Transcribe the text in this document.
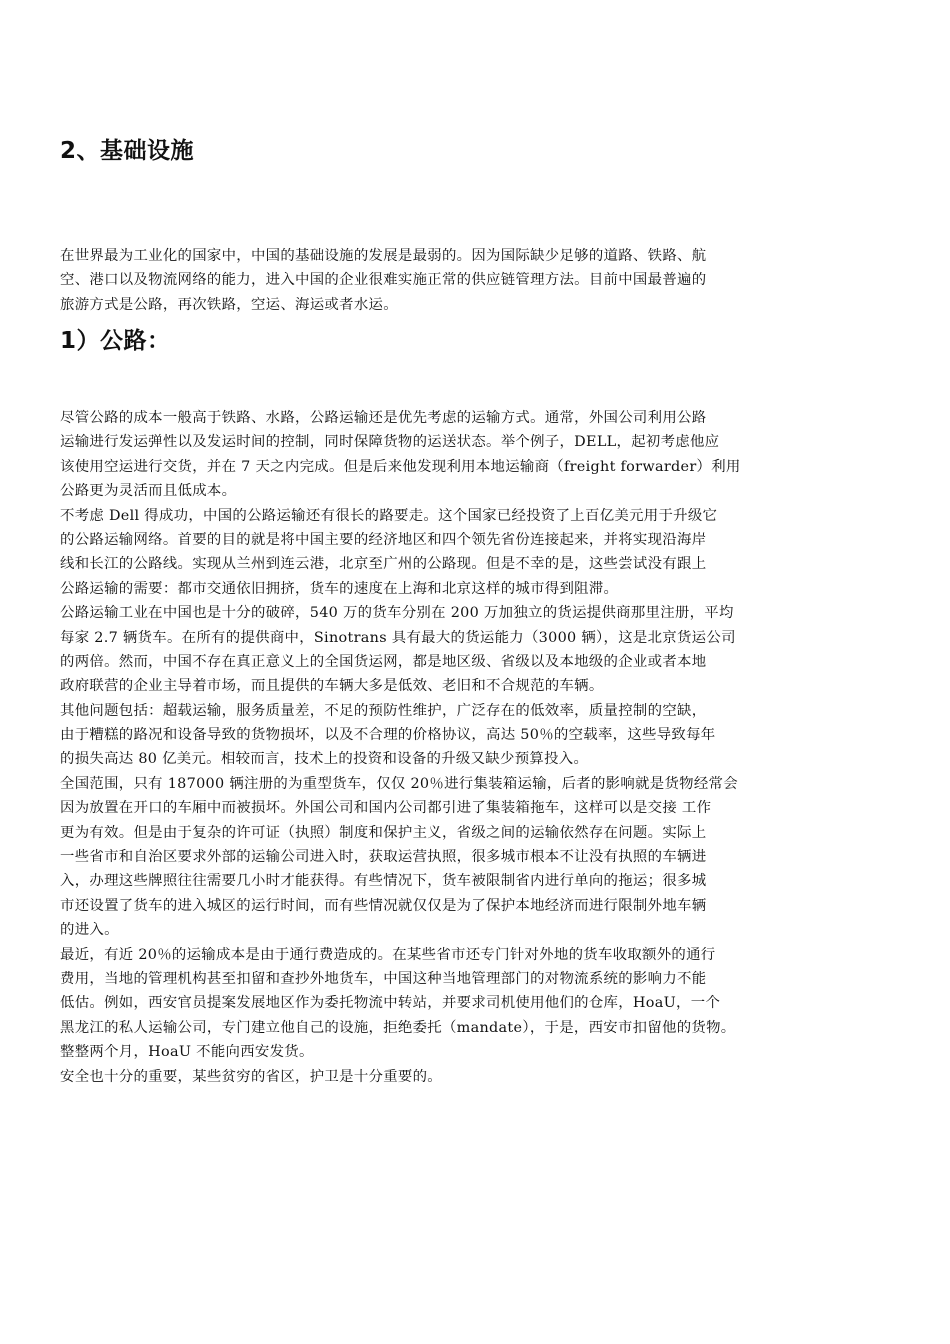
2、基础设施
在世界最为工业化的国家中，中国的基础设施的发展是最弱的。因为国际缺少足够的道路、铁路、航
空、港口以及物流网络的能力，进入中国的企业很难实施正常的供应链管理方法。目前中国最普遍的
旅游方式是公路，再次铁路，空运、海运或者水运。
1）公路：
尽管公路的成本一般高于铁路、水路，公路运输还是优先考虑的运输方式。通常，外国公司利用公路
运输进行发运弹性以及发运时间的控制，同时保障货物的运送状态。举个例子，DELL，起初考虑他应
该使用空运进行交货，并在 7 天之内完成。但是后来他发现利用本地运输商（freight forwarder）利用
公路更为灵活而且低成本。
不考虑 Dell 得成功，中国的公路运输还有很长的路要走。这个国家已经投资了上百亿美元用于升级它
的公路运输网络。首要的目的就是将中国主要的经济地区和四个领先省份连接起来，并将实现沿海岸
线和长江的公路线。实现从兰州到连云港，北京至广州的公路现。但是不幸的是，这些尝试没有跟上
公路运输的需要：都市交通依旧拥挤，货车的速度在上海和北京这样的城市得到阻滞。
公路运输工业在中国也是十分的破碎，540 万的货车分别在 200 万加独立的货运提供商那里注册，平均
每家 2.7 辆货车。在所有的提供商中，Sinotrans 具有最大的货运能力（3000 辆），这是北京货运公司
的两倍。然而，中国不存在真正意义上的全国货运网，都是地区级、省级以及本地级的企业或者本地
政府联营的企业主导着市场，而且提供的车辆大多是低效、老旧和不合规范的车辆。
其他问题包括：超载运输，服务质量差，不足的预防性维护，广泛存在的低效率，质量控制的空缺，
由于糟糕的路况和设备导致的货物损坏，以及不合理的价格协议，高达 50％的空载率，这些导致每年
的损失高达 80 亿美元。相较而言，技术上的投资和设备的升级又缺少预算投入。
全国范围，只有 187000 辆注册的为重型货车，仅仅 20％进行集装箱运输，后者的影响就是货物经常会
因为放置在开口的车厢中而被损坏。外国公司和国内公司都引进了集装箱拖车，这样可以是交接 工作
更为有效。但是由于复杂的许可证（执照）制度和保护主义，省级之间的运输依然存在问题。实际上
一些省市和自治区要求外部的运输公司进入时，获取运营执照，很多城市根本不让没有执照的车辆进
入，办理这些牌照往往需要几小时才能获得。有些情况下，货车被限制省内进行单向的拖运；很多城
市还设置了货车的进入城区的运行时间，而有些情况就仅仅是为了保护本地经济而进行限制外地车辆
的进入。
最近，有近 20％的运输成本是由于通行费造成的。在某些省市还专门针对外地的货车收取额外的通行
费用，当地的管理机构甚至扣留和查抄外地货车，中国这种当地管理部门的对物流系统的影响力不能
低估。例如，西安官员提案发展地区作为委托物流中转站，并要求司机使用他们的仓库，HoaU，一个
黑龙江的私人运输公司，专门建立他自己的设施，拒绝委托（mandate），于是，西安市扣留他的货物。
整整两个月，HoaU 不能向西安发货。
安全也十分的重要，某些贫穷的省区，护卫是十分重要的。
